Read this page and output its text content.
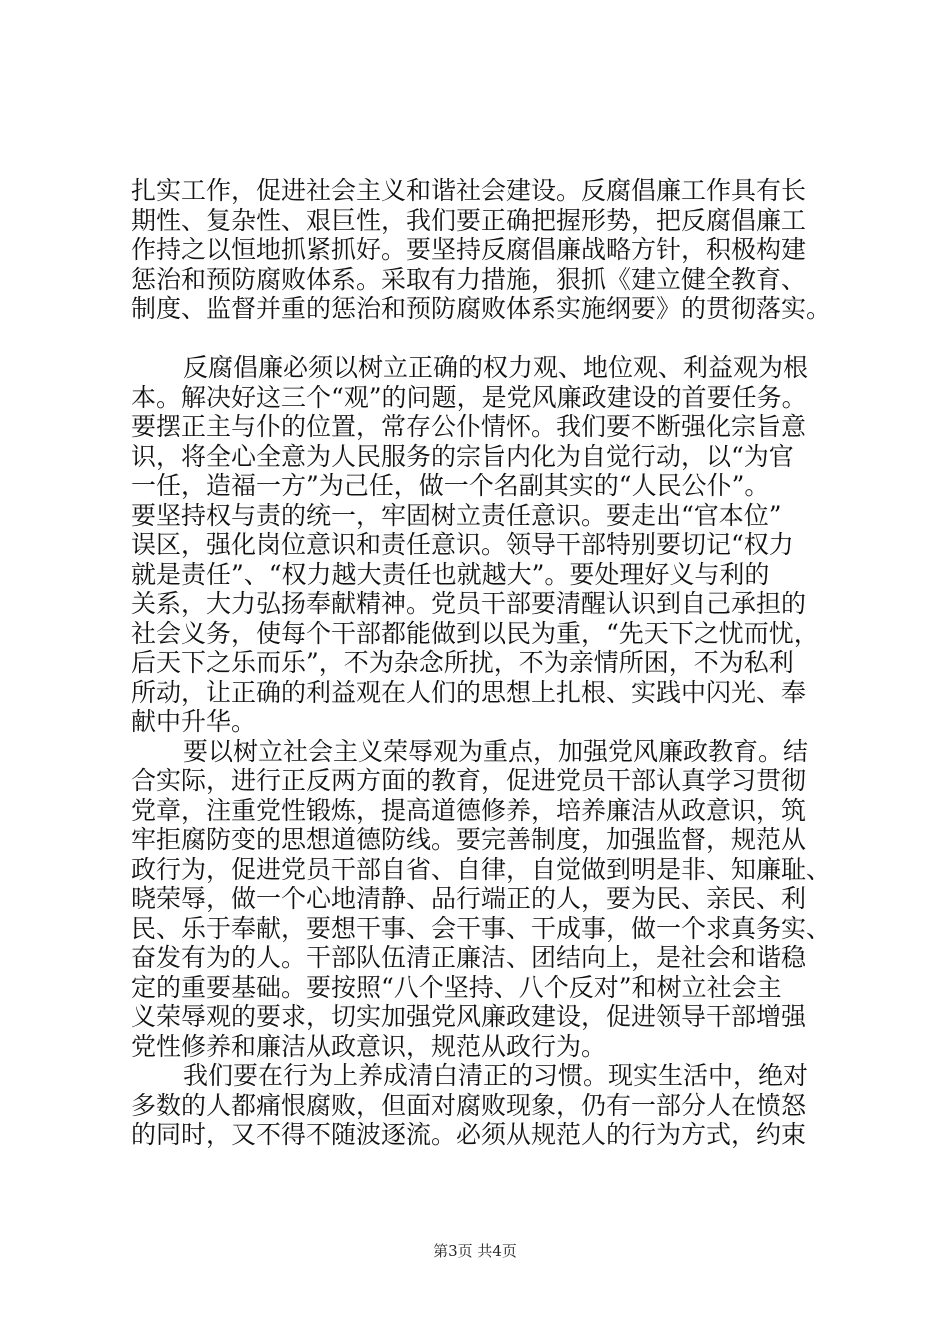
扎实工作，促进社会主义和谐社会建设。反腐倡廉工作具有长
期性、复杂性、艰巨性，我们要正确把握形势，把反腐倡廉工
作持之以恒地抓紧抓好。要坚持反腐倡廉战略方针，积极构建
惩治和预防腐败体系。采取有力措施，狠抓《建立健全教育、
制度、监督并重的惩治和预防腐败体系实施纲要》的贯彻落实。
反腐倡廉必须以树立正确的权力观、地位观、利益观为根
本。解决好这三个“观”的问题，是党风廉政建设的首要任务。
要摆正主与仆的位置，常存公仆情怀。我们要不断强化宗旨意
识，将全心全意为人民服务的宗旨内化为自觉行动，以“为官
一任，造福一方”为己任，做一个名副其实的“人民公仆”。
要坚持权与责的统一，牢固树立责任意识。要走出“官本位”
误区，强化岗位意识和责任意识。领导干部特别要切记“权力
就是责任”、“权力越大责任也就越大”。要处理好义与利的
关系，大力弘扬奉献精神。党员干部要清醒认识到自己承担的
社会义务，使每个干部都能做到以民为重，“先天下之忧而忧，
后天下之乐而乐”，不为杂念所扰，不为亲情所困，不为私利
所动，让正确的利益观在人们的思想上扎根、实践中闪光、奉
献中升华。
要以树立社会主义荣辱观为重点，加强党风廉政教育。结
合实际，进行正反两方面的教育，促进党员干部认真学习贯彻
党章，注重党性锻炼，提高道德修养，培养廉洁从政意识，筑
牢拒腐防变的思想道德防线。要完善制度，加强监督，规范从
政行为，促进党员干部自省、自律，自觉做到明是非、知廉耻、
晓荣辱，做一个心地清静、品行端正的人，要为民、亲民、利
民、乐于奉献，要想干事、会干事、干成事，做一个求真务实、
奋发有为的人。干部队伍清正廉洁、团结向上，是社会和谐稳
定的重要基础。要按照“八个坚持、八个反对”和树立社会主
义荣辱观的要求，切实加强党风廉政建设，促进领导干部增强
党性修养和廉洁从政意识，规范从政行为。
我们要在行为上养成清白清正的习惯。现实生活中，绝对
多数的人都痛恨腐败，但面对腐败现象，仍有一部分人在愤怒
的同时，又不得不随波逐流。必须从规范人的行为方式，约束
第3页 共4页
